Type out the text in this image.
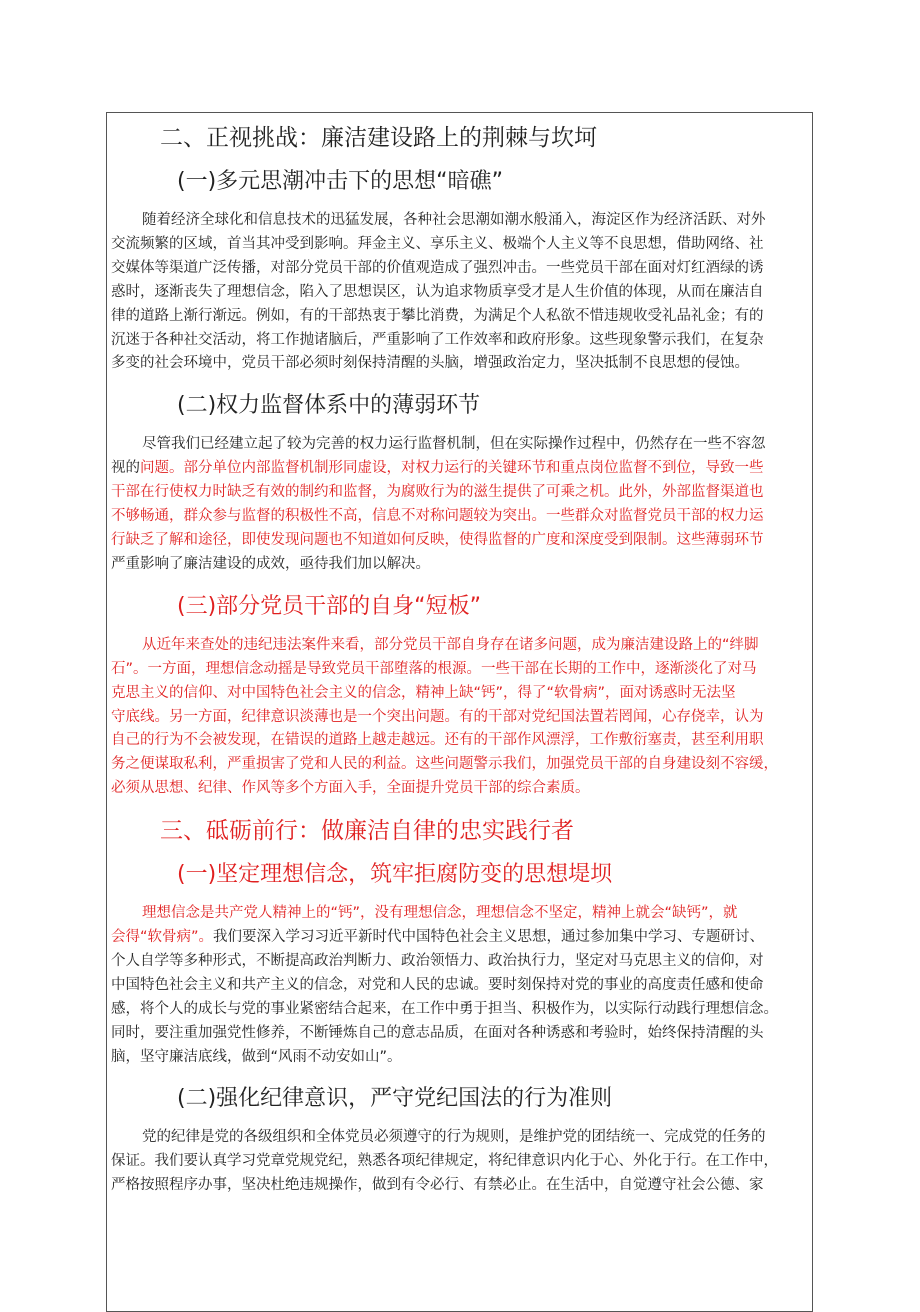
二、正视挑战：廉洁建设路上的荆棘与坎坷
(一)多元思潮冲击下的思想“暗礁”
随着经济全球化和信息技术的迅猛发展，各种社会思潮如潮水般涌入，海淀区作为经济活跃、对外
交流频繁的区域，首当其冲受到影响。拜金主义、享乐主义、极端个人主义等不良思想，借助网络、社
交媒体等渠道广泛传播，对部分党员干部的价值观造成了强烈冲击。一些党员干部在面对灯红酒绿的诱
惑时，逐渐丧失了理想信念，陷入了思想误区，认为追求物质享受才是人生价值的体现，从而在廉洁自
律的道路上渐行渐远。例如，有的干部热衷于攀比消费，为满足个人私欲不惜违规收受礼品礼金；有的
沉迷于各种社交活动，将工作抛诸脑后，严重影响了工作效率和政府形象。这些现象警示我们，在复杂
多变的社会环境中，党员干部必须时刻保持清醒的头脑，增强政治定力，坚决抵制不良思想的侵蚀。
(二)权力监督体系中的薄弱环节
尽管我们已经建立起了较为完善的权力运行监督机制，但在实际操作过程中，仍然存在一些不容忽
视的问题。部分单位内部监督机制形同虚设，对权力运行的关键环节和重点岗位监督不到位，导致一些
干部在行使权力时缺乏有效的制约和监督，为腐败行为的滋生提供了可乘之机。此外，外部监督渠道也
不够畅通，群众参与监督的积极性不高，信息不对称问题较为突出。一些群众对监督党员干部的权力运
行缺乏了解和途径，即使发现问题也不知道如何反映，使得监督的广度和深度受到限制。这些薄弱环节
严重影响了廉洁建设的成效，亟待我们加以解决。
(三)部分党员干部的自身“短板”
从近年来查处的违纪违法案件来看，部分党员干部自身存在诸多问题，成为廉洁建设路上的“绊脚
石”。一方面，理想信念动摇是导致党员干部堕落的根源。一些干部在长期的工作中，逐渐淡化了对马
克思主义的信仰、对中国特色社会主义的信念，精神上缺“钙”，得了“软骨病”，面对诱惑时无法坚
守底线。另一方面，纪律意识淡薄也是一个突出问题。有的干部对党纪国法置若罔闻，心存侥幸，认为
自己的行为不会被发现，在错误的道路上越走越远。还有的干部作风漂浮，工作敷衍塞责，甚至利用职
务之便谋取私利，严重损害了党和人民的利益。这些问题警示我们，加强党员干部的自身建设刻不容缓，
必须从思想、纪律、作风等多个方面入手，全面提升党员干部的综合素质。
三、砥砺前行：做廉洁自律的忠实践行者
(一)坚定理想信念，筑牢拒腐防变的思想堤坝
理想信念是共产党人精神上的“钙”，没有理想信念，理想信念不坚定，精神上就会“缺钙”，就
会得“软骨病”。我们要深入学习习近平新时代中国特色社会主义思想，通过参加集中学习、专题研讨、
个人自学等多种形式，不断提高政治判断力、政治领悟力、政治执行力，坚定对马克思主义的信仰，对
中国特色社会主义和共产主义的信念，对党和人民的忠诚。要时刻保持对党的事业的高度责任感和使命
感，将个人的成长与党的事业紧密结合起来，在工作中勇于担当、积极作为，以实际行动践行理想信念。
同时，要注重加强党性修养，不断锤炼自己的意志品质，在面对各种诱惑和考验时，始终保持清醒的头
脑，坚守廉洁底线，做到“风雨不动安如山”。
(二)强化纪律意识，严守党纪国法的行为准则
党的纪律是党的各级组织和全体党员必须遵守的行为规则，是维护党的团结统一、完成党的任务的
保证。我们要认真学习党章党规党纪，熟悉各项纪律规定，将纪律意识内化于心、外化于行。在工作中，
严格按照程序办事，坚决杜绝违规操作，做到有令必行、有禁必止。在生活中，自觉遵守社会公德、家
